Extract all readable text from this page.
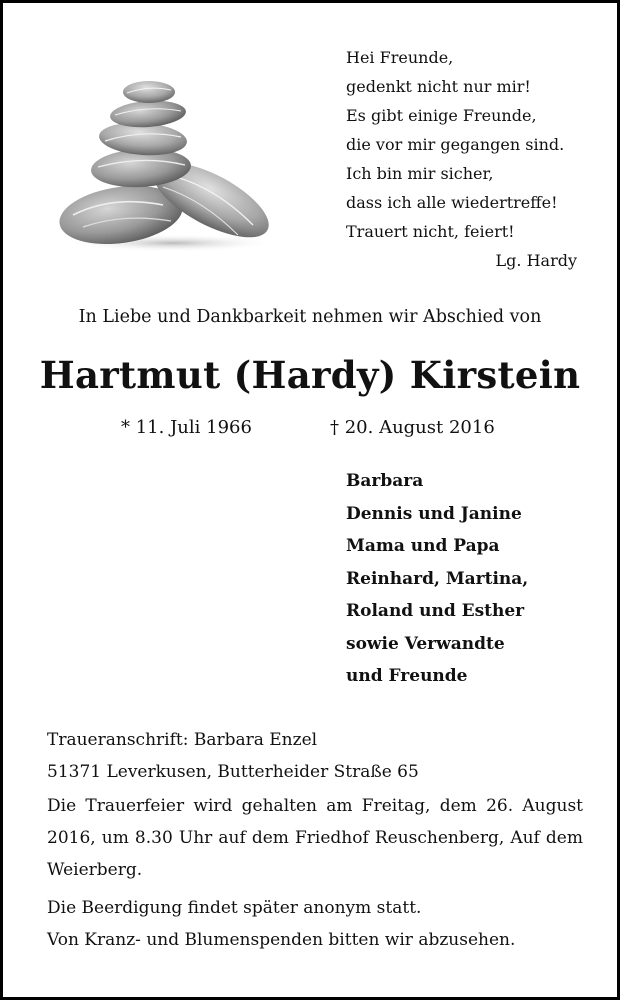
Hei Freunde,
gedenkt nicht nur mir!
Es gibt einige Freunde,
die vor mir gegangen sind.
Ich bin mir sicher,
dass ich alle wiedertreffe!
Trauert nicht, feiert!
Lg. Hardy
In Liebe und Dankbarkeit nehmen wir Abschied von
Hartmut (Hardy) Kirstein
* 11. Juli 1966	† 20. August 2016
Barbara
Dennis und Janine
Mama und Papa
Reinhard, Martina,
Roland und Esther
sowie Verwandte
und Freunde
Traueranschrift: Barbara Enzel
51371 Leverkusen, Butterheider Straße 65
Die Trauerfeier wird gehalten am Freitag, dem 26. August 2016, um 8.30 Uhr auf dem Friedhof Reuschenberg, Auf dem Weierberg.
Die Beerdigung findet später anonym statt.
Von Kranz- und Blumenspenden bitten wir abzusehen.
